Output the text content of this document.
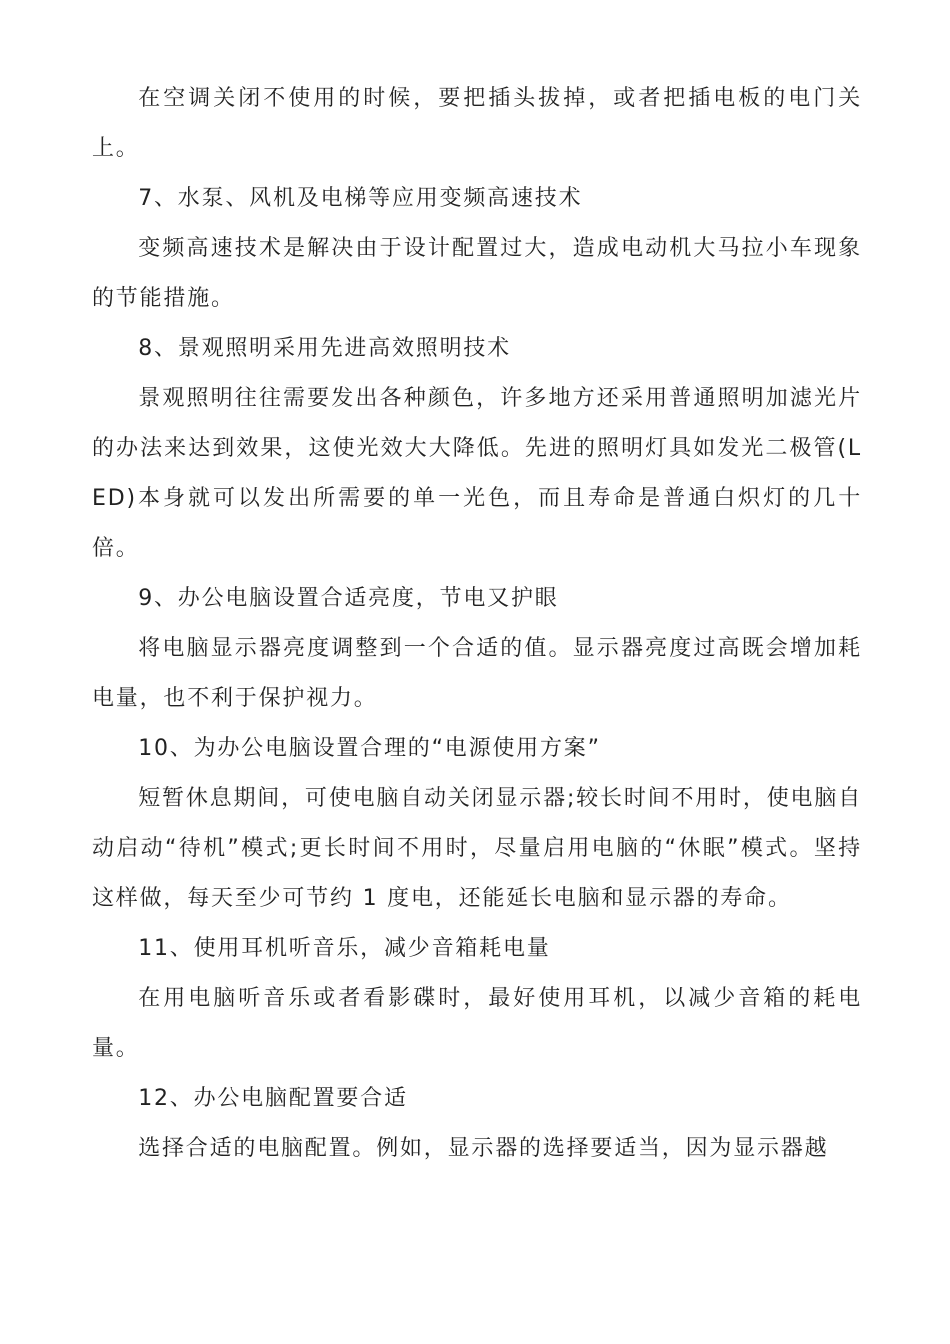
在空调关闭不使用的时候，要把插头拔掉，或者把插电板的电门关上。

7、水泵、风机及电梯等应用变频高速技术

变频高速技术是解决由于设计配置过大，造成电动机大马拉小车现象的节能措施。

8、景观照明采用先进高效照明技术

景观照明往往需要发出各种颜色，许多地方还采用普通照明加滤光片的办法来达到效果，这使光效大大降低。先进的照明灯具如发光二极管(LED)本身就可以发出所需要的单一光色，而且寿命是普通白炽灯的几十倍。

9、办公电脑设置合适亮度，节电又护眼

将电脑显示器亮度调整到一个合适的值。显示器亮度过高既会增加耗电量，也不利于保护视力。

10、为办公电脑设置合理的“电源使用方案”

短暂休息期间，可使电脑自动关闭显示器;较长时间不用时，使电脑自动启动“待机”模式;更长时间不用时，尽量启用电脑的“休眠”模式。坚持这样做，每天至少可节约 1 度电，还能延长电脑和显示器的寿命。

11、使用耳机听音乐，减少音箱耗电量

在用电脑听音乐或者看影碟时，最好使用耳机，以减少音箱的耗电量。

12、办公电脑配置要合适

选择合适的电脑配置。例如，显示器的选择要适当，因为显示器越
